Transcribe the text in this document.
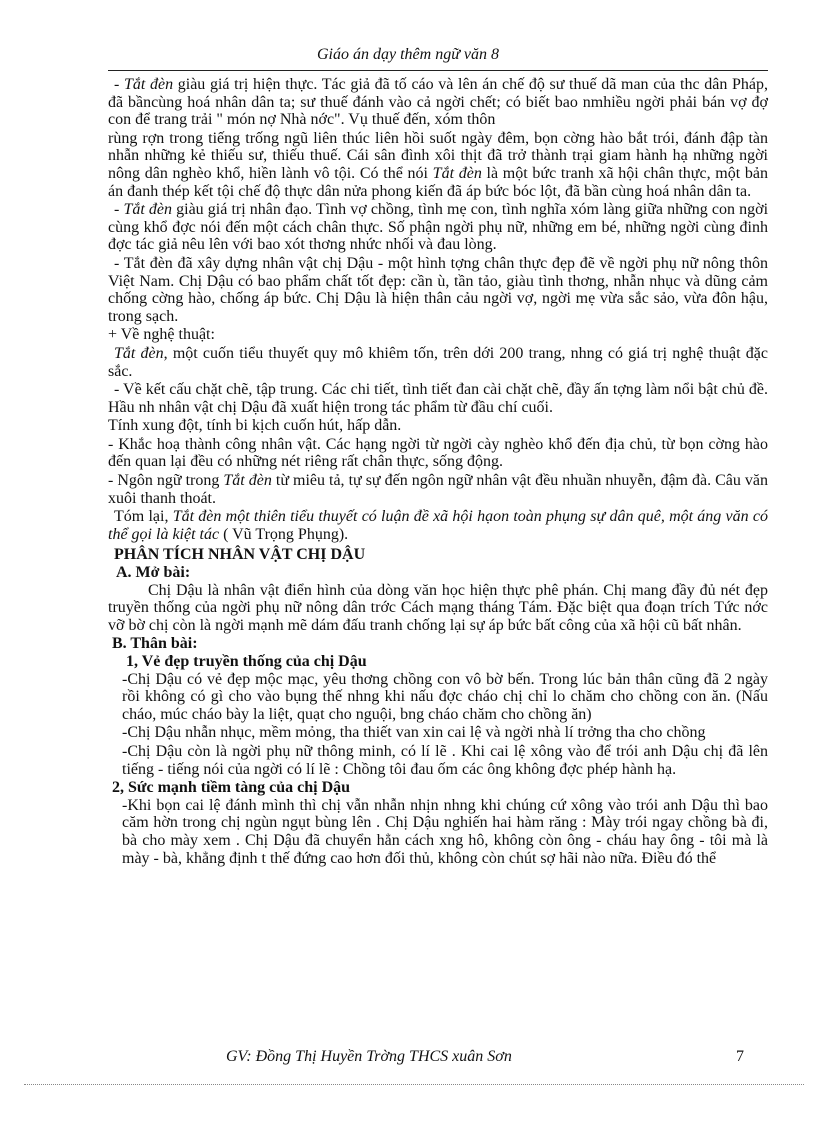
Giáo án dạy thêm ngữ văn 8

- Tắt đèn giàu giá trị hiện thực. Tác giả đã tố cáo và lên án chế độ sư thuế dã man của thc dân Pháp, đã bầncùng hoá nhân dân ta; sư thuế đánh vào cả ngời chết; có biết bao nmhiều ngời phải bán vợ đợ con để trang trải " món nợ Nhà nớc". Vụ thuế đến, xóm thôn

rùng rợn trong tiếng trống ngũ liên thúc liên hồi suốt ngày đêm, bọn cờng hào bắt trói, đánh đập tàn nhẫn những kẻ thiếu sư, thiếu thuế. Cái sân đình xôi thịt đã trở thành trại giam hành hạ những ngời nông dân nghèo khổ, hiền lành vô tội. Có thể nói Tắt đèn là một bức tranh xã hội chân thực, một bản án đanh thép kết tội chế độ thực dân nửa phong kiến đã áp bức bóc lột, đã bần cùng hoá nhân dân ta.

- Tắt đèn giàu giá trị nhân đạo. Tình vợ chồng, tình mẹ con, tình nghĩa xóm làng giữa những con ngời cùng khổ đợc nói đến một cách chân thực. Số phận ngời phụ nữ, những em bé, những ngời cùng đinh đợc tác giả nêu lên với bao xót thơng nhức nhối và đau lòng.

- Tắt đèn đã xây dựng nhân vật chị Dậu - một hình tợng chân thực đẹp đẽ về ngời phụ nữ nông thôn Việt Nam. Chị Dậu có bao phẩm chất tốt đẹp: cần ù, tần tảo, giàu tình thơng, nhẫn nhục và dũng cảm chống cờng hào, chống áp bức. Chị Dậu là hiện thân cảu ngời vợ, ngời mẹ vừa sắc sảo, vừa đôn hậu, trong sạch.

+ Về nghệ thuật:

Tắt đèn, một cuốn tiểu thuyết quy mô khiêm tốn, trên dới 200 trang, nhng có giá trị nghệ thuật đặc sắc.

- Về kết cấu chặt chẽ, tập trung. Các chi tiết, tình tiết đan cài chặt chẽ, đầy ấn tợng làm nổi bật chủ đề. Hầu nh nhân vật chị Dậu đã xuất hiện trong tác phẩm từ đầu chí cuối.

Tính xung đột, tính bi kịch cuốn hút, hấp dẫn.

- Khắc hoạ thành công nhân vật. Các hạng ngời từ ngời cày nghèo khổ đến địa chủ, từ bọn cờng hào đến quan lại đều có những nét riêng rất chân thực, sống động.

- Ngôn ngữ trong Tắt đèn từ miêu tả, tự sự đến ngôn ngữ nhân vật đều nhuần nhuyễn, đậm đà. Câu văn xuôi thanh thoát.

Tóm lại, Tắt đèn một thiên tiểu thuyết có luận đề xã hội hạon toàn phụng sự dân quê, một áng văn có thể gọi là kiệt tác ( Vũ Trọng Phụng).

PHÂN TÍCH NHÂN VẬT CHỊ DẬU

A. Mở bài:

Chị Dậu là nhân vật điển hình của dòng văn học hiện thực phê phán. Chị mang đầy đủ nét đẹp truyền thống của ngời phụ nữ nông dân trớc Cách mạng tháng Tám. Đặc biệt qua đoạn trích Tức nớc vỡ bờ chị còn là ngời mạnh mẽ dám đấu tranh chống lại sự áp bức bất công của xã hội cũ bất nhân.

B. Thân bài:

1, Vẻ đẹp truyền thống của chị Dậu

-Chị Dậu có vẻ đẹp mộc mạc, yêu thơng chồng con vô bờ bến. Trong lúc bản thân cũng đã 2 ngày rồi không có gì cho vào bụng thế nhng khi nấu đợc cháo chị chỉ lo chăm cho chồng con ăn. (Nấu cháo, múc cháo bày la liệt, quạt cho nguội, bng cháo chăm cho chồng ăn)

-Chị Dậu nhẫn nhục, mềm mỏng, tha thiết van xin cai lệ và ngời nhà lí trởng tha cho chồng

-Chị Dậu còn là ngời phụ nữ thông minh, có lí lẽ . Khi cai lệ xông vào để trói anh Dậu chị đã lên tiếng - tiếng nói của ngời có lí lẽ : Chồng tôi đau ốm các ông không đợc phép hành hạ.

2, Sức mạnh tiềm tàng của chị Dậu

-Khi bọn cai lệ đánh mình thì chị vẫn nhẫn nhịn nhng khi chúng cứ xông vào trói anh Dậu thì bao căm hờn trong chị ngùn ngụt bùng lên . Chị Dậu nghiến hai hàm răng : Mày trói ngay chồng bà đi, bà cho mày xem . Chị Dậu đã chuyển hẳn cách xng hô, không còn ông - cháu hay ông - tôi mà là mày - bà, khẳng định t thế đứng cao hơn đối thủ, không còn chút sợ hãi nào nữa. Điều đó thể

GV: Đồng Thị Huyền Trờng THCS xuân Sơn	7
